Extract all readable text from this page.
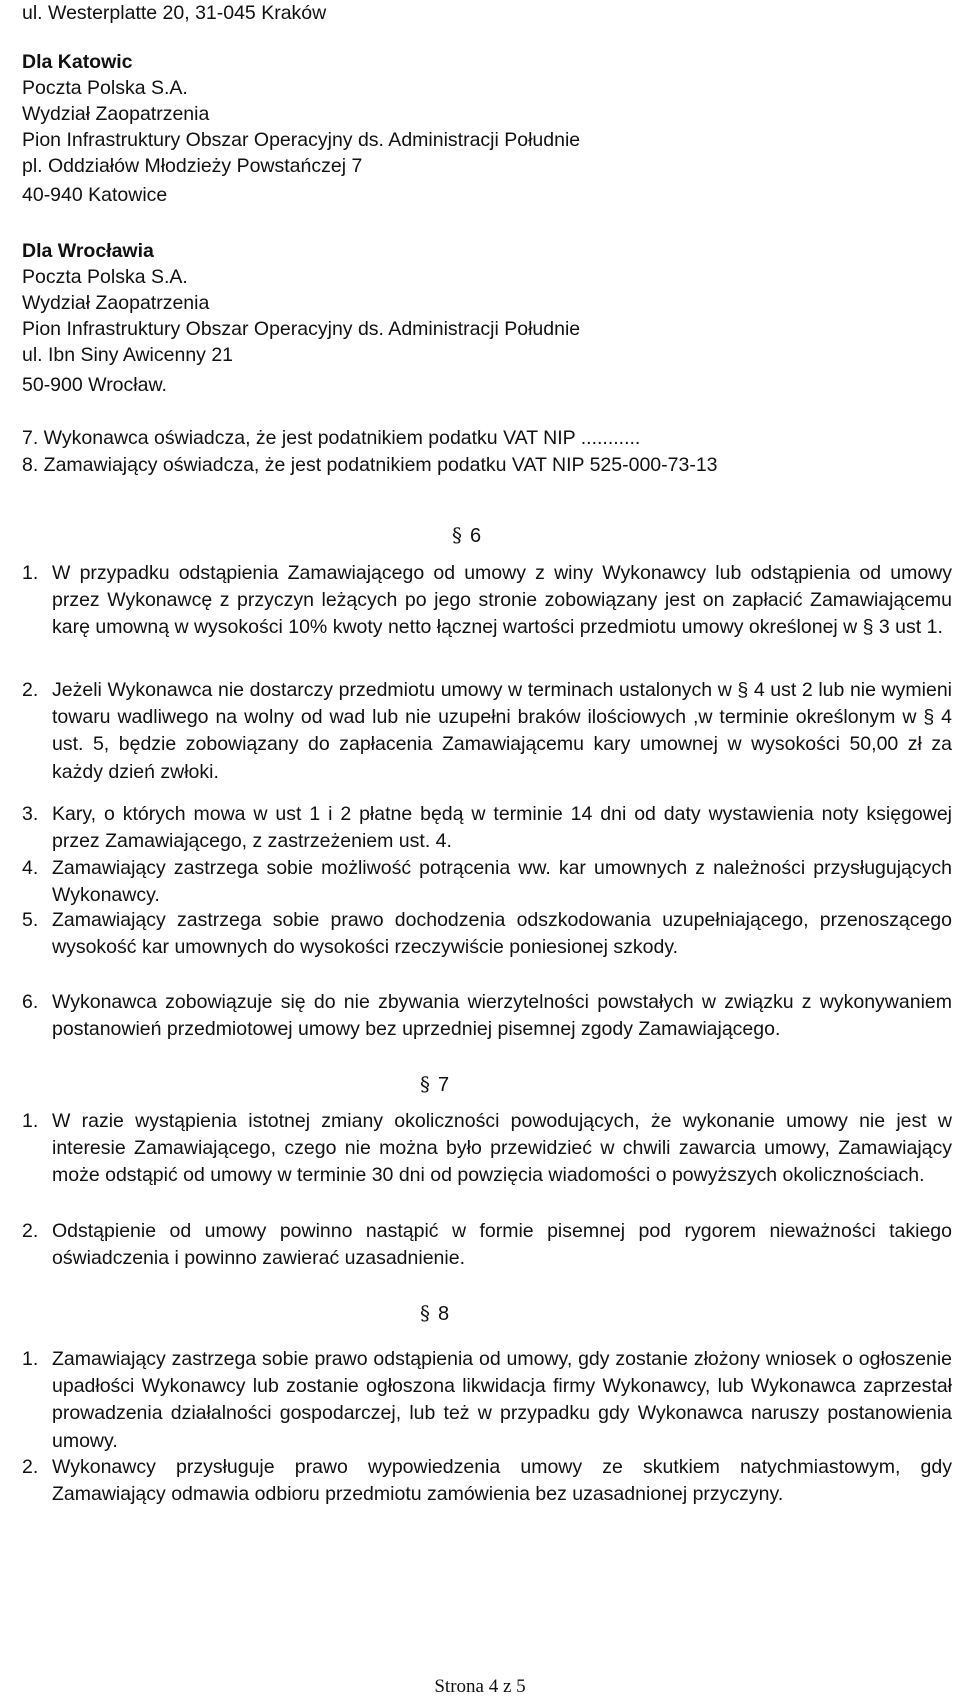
ul. Westerplatte 20, 31-045 Kraków
Dla Katowic
Poczta Polska S.A.
Wydział Zaopatrzenia
Pion Infrastruktury Obszar Operacyjny ds. Administracji Południe
pl. Oddziałów Młodzieży Powstańczej 7
40-940 Katowice
Dla Wrocławia
Poczta Polska S.A.
Wydział Zaopatrzenia
Pion Infrastruktury Obszar Operacyjny ds. Administracji Południe
ul. Ibn Siny Awicenny 21
50-900 Wrocław.
7. Wykonawca oświadcza, że jest podatnikiem podatku VAT NIP ...........
8. Zamawiający oświadcza, że jest podatnikiem podatku VAT NIP 525-000-73-13
§ 6
1. W przypadku odstąpienia Zamawiającego od umowy z winy Wykonawcy lub odstąpienia od umowy przez Wykonawcę z przyczyn leżących po jego stronie zobowiązany jest on zapłacić Zamawiającemu karę umowną w wysokości 10% kwoty netto łącznej wartości przedmiotu umowy określonej w § 3 ust 1.
2. Jeżeli Wykonawca nie dostarczy przedmiotu umowy w terminach ustalonych w § 4 ust 2 lub nie wymieni towaru wadliwego na wolny od wad lub nie uzupełni braków ilościowych ,w terminie określonym w § 4 ust. 5, będzie zobowiązany do zapłacenia Zamawiającemu kary umownej w wysokości 50,00 zł za każdy dzień zwłoki.
3. Kary, o których mowa w ust 1 i 2 płatne będą w terminie 14 dni od daty wystawienia noty księgowej przez Zamawiającego, z zastrzeżeniem ust. 4.
4. Zamawiający zastrzega sobie możliwość potrącenia ww. kar umownych z należności przysługujących Wykonawcy.
5. Zamawiający zastrzega sobie prawo dochodzenia odszkodowania uzupełniającego, przenoszącego wysokość kar umownych do wysokości rzeczywiście poniesionej szkody.
6. Wykonawca zobowiązuje się do nie zbywania wierzytelności powstałych w związku z wykonywaniem postanowień przedmiotowej umowy bez uprzedniej pisemnej zgody Zamawiającego.
§ 7
1. W razie wystąpienia istotnej zmiany okoliczności powodujących, że wykonanie umowy nie jest w interesie Zamawiającego, czego nie można było przewidzieć w chwili zawarcia umowy, Zamawiający może odstąpić od umowy w terminie 30 dni od powzięcia wiadomości o powyższych okolicznościach.
2. Odstąpienie od umowy powinno nastąpić w formie pisemnej pod rygorem nieważności takiego oświadczenia i powinno zawierać uzasadnienie.
§ 8
1. Zamawiający zastrzega sobie prawo odstąpienia od umowy, gdy zostanie złożony wniosek o ogłoszenie upadłości Wykonawcy lub zostanie ogłoszona likwidacja firmy Wykonawcy, lub Wykonawca zaprzestał prowadzenia działalności gospodarczej, lub też w przypadku gdy Wykonawca naruszy postanowienia umowy.
2. Wykonawcy przysługuje prawo wypowiedzenia umowy ze skutkiem natychmiastowym, gdy Zamawiający odmawia odbioru przedmiotu zamówienia bez uzasadnionej przyczyny.
Strona 4 z 5
